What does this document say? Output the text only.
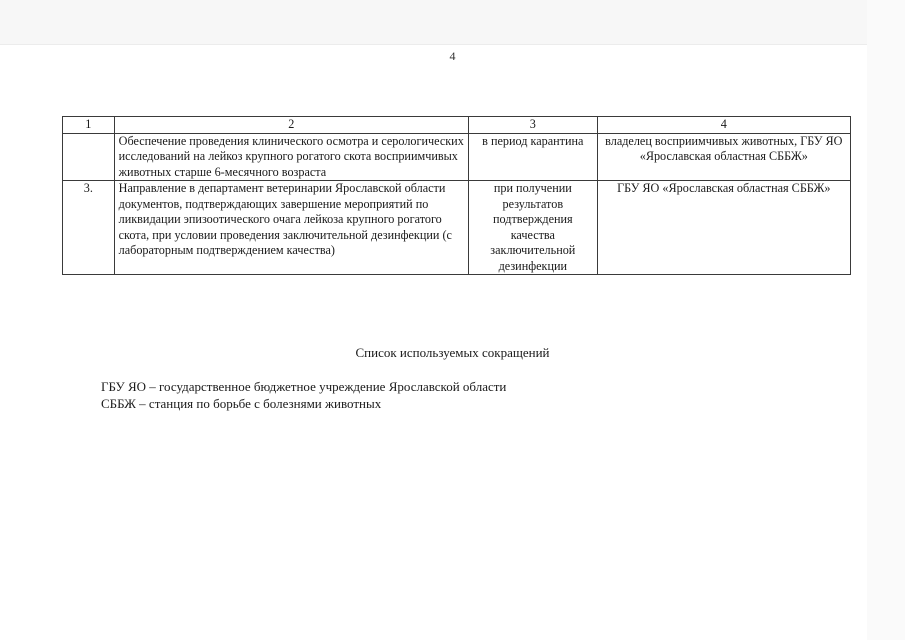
4
1	2	3	4
	Обеспечение проведения клинического осмотра и серологических исследований на лейкоз крупного рогатого скота восприимчивых животных старше 6-месячного возраста	в период карантина	владелец восприимчивых животных, ГБУ ЯО «Ярославская областная СББЖ»
3.	Направление в департамент ветеринарии Ярославской области документов, подтверждающих завершение мероприятий по ликвидации эпизоотического очага лейкоза крупного рогатого скота, при условии проведения заключительной дезинфекции (с лабораторным подтверждением качества)	при получении результатов подтверждения качества заключительной дезинфекции	ГБУ ЯО «Ярославская областная СББЖ»
Список используемых сокращений
ГБУ ЯО – государственное бюджетное учреждение Ярославской области
СББЖ – станция по борьбе с болезнями животных
